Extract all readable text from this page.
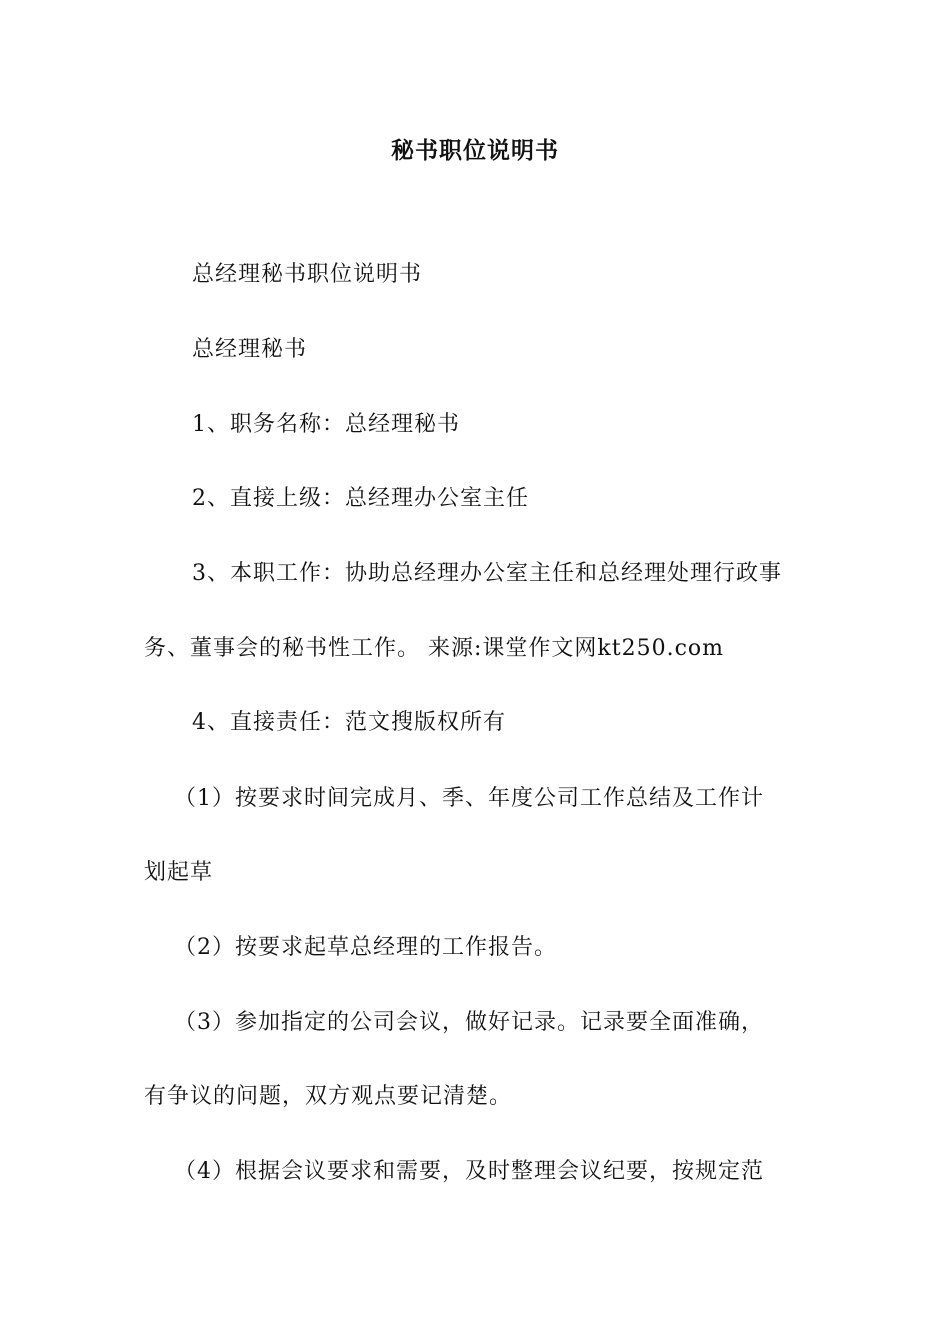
秘书职位说明书
总经理秘书职位说明书
总经理秘书
1、职务名称：总经理秘书
2、直接上级：总经理办公室主任
3、本职工作：协助总经理办公室主任和总经理处理行政事
务、董事会的秘书性工作。 来源:课堂作文网kt250.com
4、直接责任：范文搜版权所有
（1）按要求时间完成月、季、年度公司工作总结及工作计
划起草
（2）按要求起草总经理的工作报告。
（3）参加指定的公司会议，做好记录。记录要全面准确，
有争议的问题，双方观点要记清楚。
（4）根据会议要求和需要，及时整理会议纪要，按规定范
